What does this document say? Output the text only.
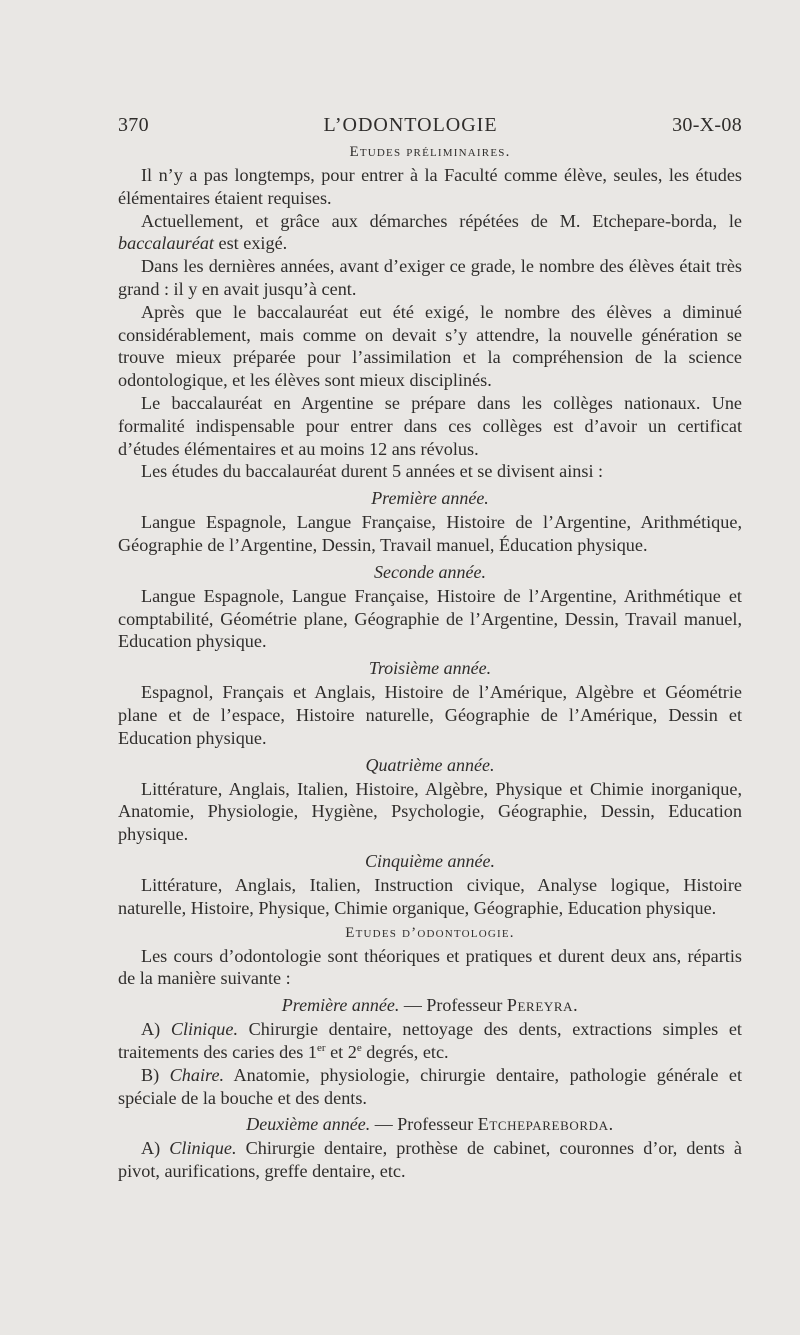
370	L’ODONTOLOGIE	30-X-08
Etudes préliminaires.

Il n’y a pas longtemps, pour entrer à la Faculté comme élève, seules, les études élémentaires étaient requises.

Actuellement, et grâce aux démarches répétées de M. Etchepare-borda, le baccalauréat est exigé.

Dans les dernières années, avant d’exiger ce grade, le nombre des élèves était très grand : il y en avait jusqu’à cent.

Après que le baccalauréat eut été exigé, le nombre des élèves a diminué considérablement, mais comme on devait s’y attendre, la nouvelle génération se trouve mieux préparée pour l’assimilation et la compréhension de la science odontologique, et les élèves sont mieux disciplinés.

Le baccalauréat en Argentine se prépare dans les collèges nationaux. Une formalité indispensable pour entrer dans ces collèges est d’avoir un certificat d’études élémentaires et au moins 12 ans révolus.

Les études du baccalauréat durent 5 années et se divisent ainsi :

Première année.

Langue Espagnole, Langue Française, Histoire de l’Argentine, Arithmétique, Géographie de l’Argentine, Dessin, Travail manuel, Éducation physique.

Seconde année.

Langue Espagnole, Langue Française, Histoire de l’Argentine, Arithmétique et comptabilité, Géométrie plane, Géographie de l’Argentine, Dessin, Travail manuel, Education physique.

Troisième année.

Espagnol, Français et Anglais, Histoire de l’Amérique, Algèbre et Géométrie plane et de l’espace, Histoire naturelle, Géographie de l’Amérique, Dessin et Education physique.

Quatrième année.

Littérature, Anglais, Italien, Histoire, Algèbre, Physique et Chimie inorganique, Anatomie, Physiologie, Hygiène, Psychologie, Géographie, Dessin, Education physique.

Cinquième année.

Littérature, Anglais, Italien, Instruction civique, Analyse logique, Histoire naturelle, Histoire, Physique, Chimie organique, Géographie, Education physique.

Etudes d’odontologie.

Les cours d’odontologie sont théoriques et pratiques et durent deux ans, répartis de la manière suivante :

Première année. — Professeur Pereyra.

A) Clinique. Chirurgie dentaire, nettoyage des dents, extractions simples et traitements des caries des 1er et 2e degrés, etc.

B) Chaire. Anatomie, physiologie, chirurgie dentaire, pathologie générale et spéciale de la bouche et des dents.

Deuxième année. — Professeur Etchepareborda.

A) Clinique. Chirurgie dentaire, prothèse de cabinet, couronnes d’or, dents à pivot, aurifications, greffe dentaire, etc.
